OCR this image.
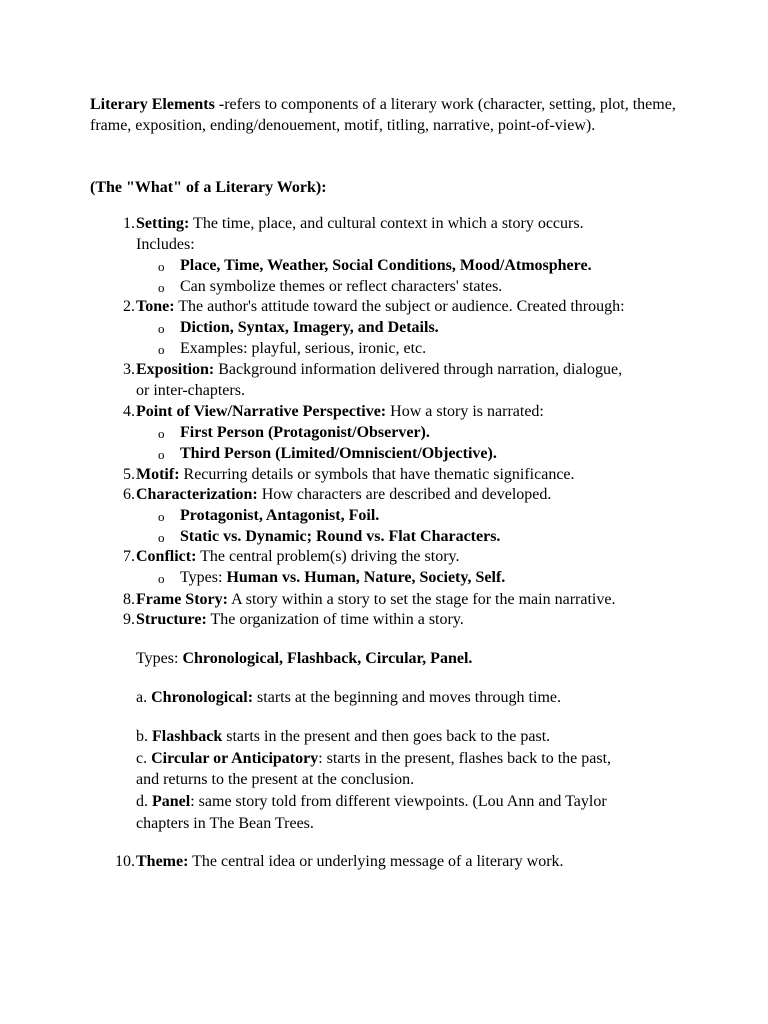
Literary Elements -refers to components of a literary work (character, setting, plot, theme, frame, exposition, ending/denouement, motif, titling, narrative, point-of-view).

(The "What" of a Literary Work):

1. Setting: The time, place, and cultural context in which a story occurs.
Includes:
o Place, Time, Weather, Social Conditions, Mood/Atmosphere.
o Can symbolize themes or reflect characters' states.
2. Tone: The author's attitude toward the subject or audience. Created through:
o Diction, Syntax, Imagery, and Details.
o Examples: playful, serious, ironic, etc.
3. Exposition: Background information delivered through narration, dialogue,
or inter-chapters.
4. Point of View/Narrative Perspective: How a story is narrated:
o First Person (Protagonist/Observer).
o Third Person (Limited/Omniscient/Objective).
5. Motif: Recurring details or symbols that have thematic significance.
6. Characterization: How characters are described and developed.
o Protagonist, Antagonist, Foil.
o Static vs. Dynamic; Round vs. Flat Characters.
7. Conflict: The central problem(s) driving the story.
o Types: Human vs. Human, Nature, Society, Self.
8. Frame Story: A story within a story to set the stage for the main narrative.
9. Structure: The organization of time within a story.
Types: Chronological, Flashback, Circular, Panel.
a. Chronological: starts at the beginning and moves through time.
b. Flashback starts in the present and then goes back to the past.
c. Circular or Anticipatory: starts in the present, flashes back to the past,
and returns to the present at the conclusion.
d. Panel: same story told from different viewpoints. (Lou Ann and Taylor
chapters in The Bean Trees.
10. Theme: The central idea or underlying message of a literary work.
